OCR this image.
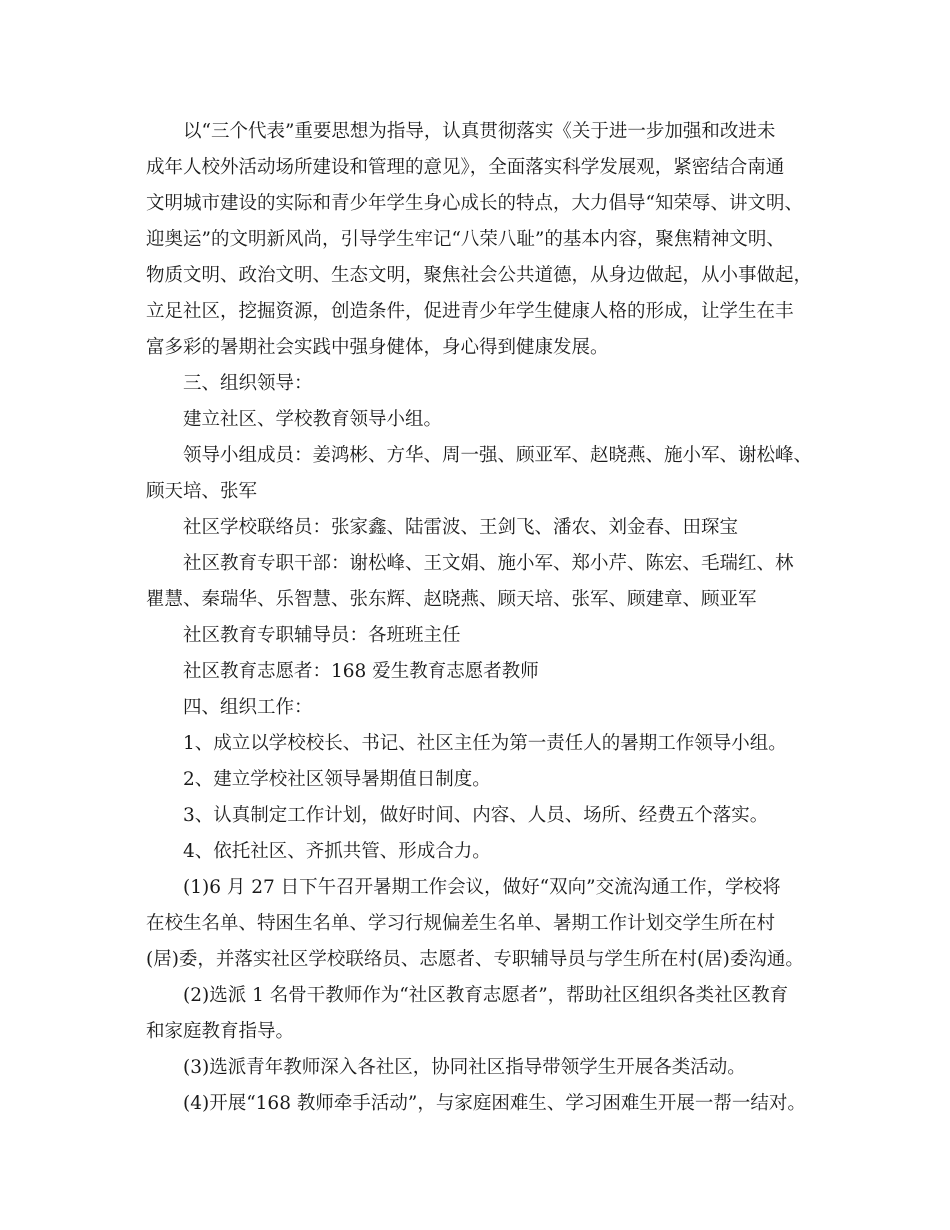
以“三个代表”重要思想为指导，认真贯彻落实《关于进一步加强和改进未
成年人校外活动场所建设和管理的意见》，全面落实科学发展观，紧密结合南通
文明城市建设的实际和青少年学生身心成长的特点，大力倡导“知荣辱、讲文明、
迎奥运”的文明新风尚，引导学生牢记“八荣八耻”的基本内容，聚焦精神文明、
物质文明、政治文明、生态文明，聚焦社会公共道德，从身边做起，从小事做起，
立足社区，挖掘资源，创造条件，促进青少年学生健康人格的形成，让学生在丰
富多彩的暑期社会实践中强身健体，身心得到健康发展。
三、组织领导：
建立社区、学校教育领导小组。
领导小组成员：姜鸿彬、方华、周一强、顾亚军、赵晓燕、施小军、谢松峰、
顾天培、张军
社区学校联络员：张家鑫、陆雷波、王剑飞、潘农、刘金春、田琛宝
社区教育专职干部：谢松峰、王文娟、施小军、郑小芹、陈宏、毛瑞红、林
瞿慧、秦瑞华、乐智慧、张东辉、赵晓燕、顾天培、张军、顾建章、顾亚军
社区教育专职辅导员：各班班主任
社区教育志愿者：168 爱生教育志愿者教师
四、组织工作：
1、成立以学校校长、书记、社区主任为第一责任人的暑期工作领导小组。
2、建立学校社区领导暑期值日制度。
3、认真制定工作计划，做好时间、内容、人员、场所、经费五个落实。
4、依托社区、齐抓共管、形成合力。
(1)6 月 27 日下午召开暑期工作会议，做好“双向”交流沟通工作，学校将
在校生名单、特困生名单、学习行规偏差生名单、暑期工作计划交学生所在村
(居)委，并落实社区学校联络员、志愿者、专职辅导员与学生所在村(居)委沟通。
(2)选派 1 名骨干教师作为“社区教育志愿者”，帮助社区组织各类社区教育
和家庭教育指导。
(3)选派青年教师深入各社区，协同社区指导带领学生开展各类活动。
(4)开展“168 教师牵手活动”，与家庭困难生、学习困难生开展一帮一结对。
